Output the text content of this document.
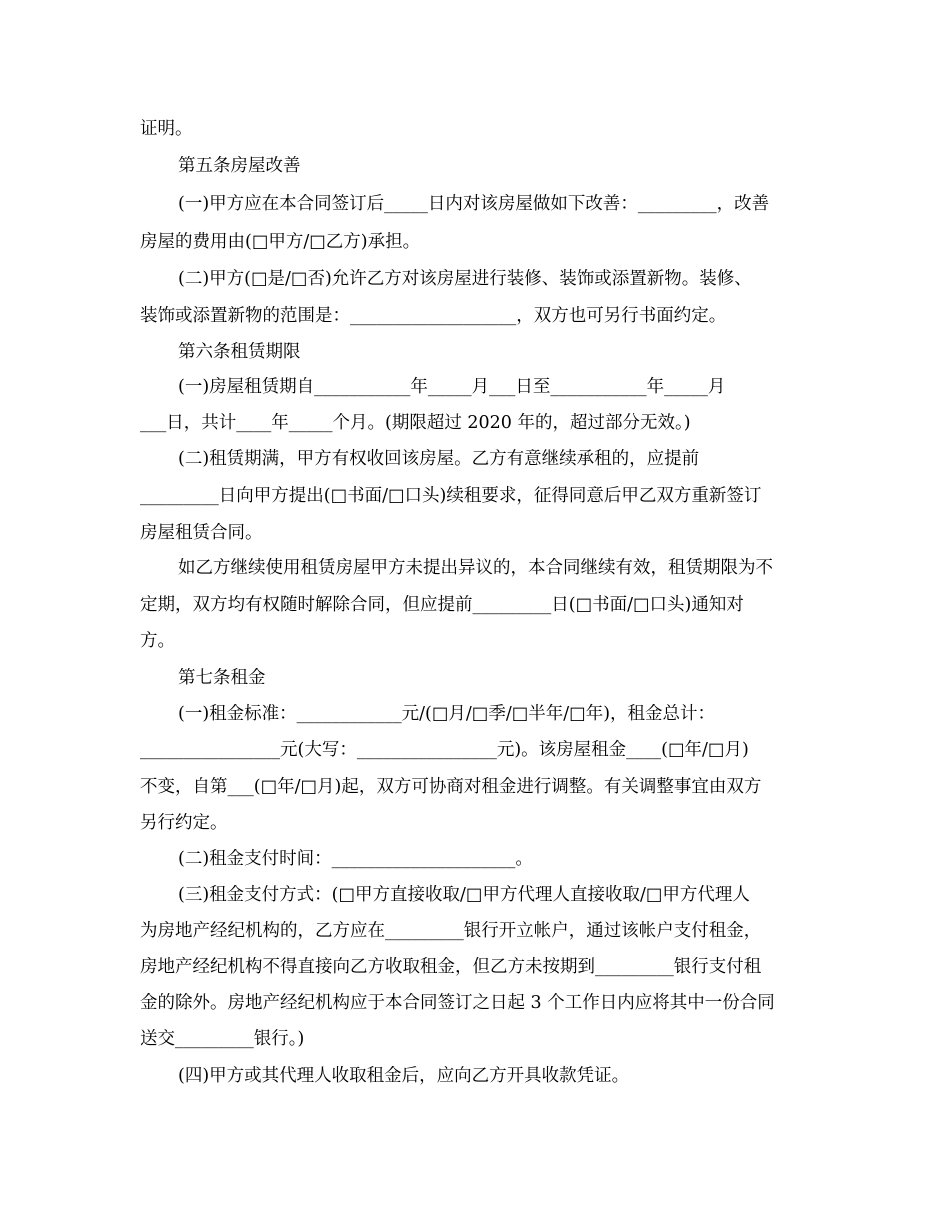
证明。
第五条房屋改善
(一)甲方应在本合同签订后_____日内对该房屋做如下改善：_________，改善
房屋的费用由(□甲方/□乙方)承担。
(二)甲方(□是/□否)允许乙方对该房屋进行装修、装饰或添置新物。装修、
装饰或添置新物的范围是：___________________，双方也可另行书面约定。
第六条租赁期限
(一)房屋租赁期自___________年_____月___日至___________年_____月
___日，共计____年_____个月。(期限超过 2020 年的，超过部分无效。)
(二)租赁期满，甲方有权收回该房屋。乙方有意继续承租的，应提前
_________日向甲方提出(□书面/□口头)续租要求，征得同意后甲乙双方重新签订
房屋租赁合同。
如乙方继续使用租赁房屋甲方未提出异议的，本合同继续有效，租赁期限为不
定期，双方均有权随时解除合同，但应提前_________日(□书面/□口头)通知对
方。
第七条租金
(一)租金标准：____________元/(□月/□季/□半年/□年)，租金总计：
________________元(大写：________________元)。该房屋租金____(□年/□月)
不变，自第___(□年/□月)起，双方可协商对租金进行调整。有关调整事宜由双方
另行约定。
(二)租金支付时间：_____________________。
(三)租金支付方式：(□甲方直接收取/□甲方代理人直接收取/□甲方代理人
为房地产经纪机构的，乙方应在_________银行开立帐户，通过该帐户支付租金，
房地产经纪机构不得直接向乙方收取租金，但乙方未按期到_________银行支付租
金的除外。房地产经纪机构应于本合同签订之日起 3 个工作日内应将其中一份合同
送交_________银行。)
(四)甲方或其代理人收取租金后，应向乙方开具收款凭证。
